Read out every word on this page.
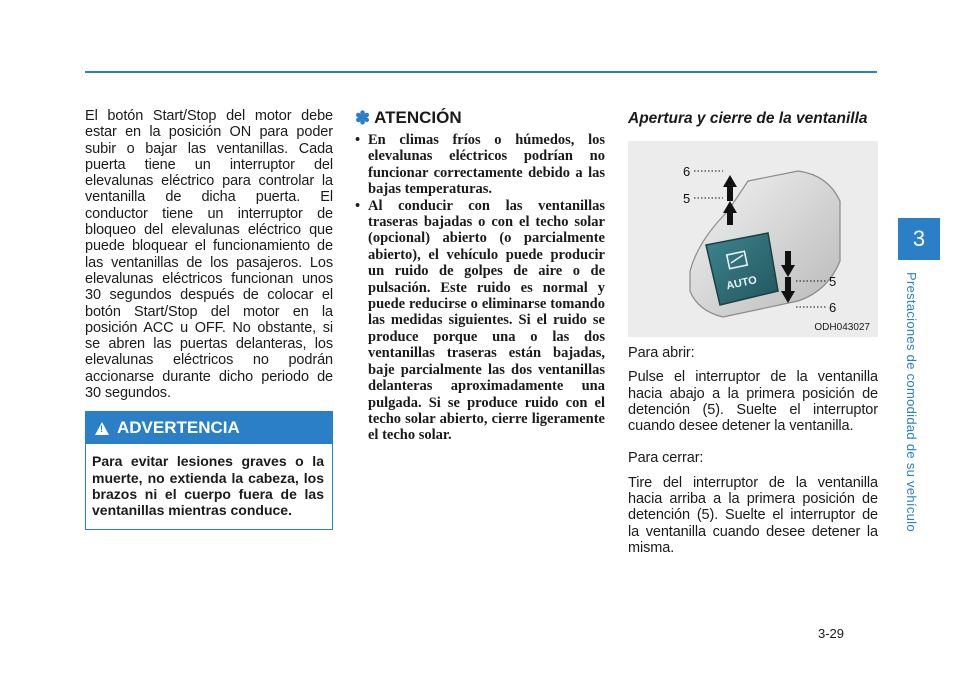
El botón Start/Stop del motor debe estar en la posición ON para poder subir o bajar las ventanillas. Cada puerta tiene un interruptor del elevalunas eléctrico para controlar la ventanilla de dicha puerta. El conductor tiene un interruptor de bloqueo del elevalunas eléctrico que puede bloquear el funcionamiento de las ventanillas de los pasajeros. Los elevalunas eléctricos funcionan unos 30 segundos después de colocar el botón Start/Stop del motor en la posición ACC u OFF. No obstante, si se abren las puertas delanteras, los elevalunas eléctricos no podrán accionarse durante dicho periodo de 30 segundos.

!
ADVERTENCIA
Para evitar lesiones graves o la muerte, no extienda la cabeza, los brazos ni el cuerpo fuera de las ventanillas mientras conduce.
✽ ATENCIÓN
• En climas fríos o húmedos, los elevalunas eléctricos podrían no funcionar correctamente debido a las bajas temperaturas.
• Al conducir con las ventanillas traseras bajadas o con el techo solar (opcional) abierto (o parcialmente abierto), el vehículo puede producir un ruido de golpes de aire o de pulsación. Este ruido es normal y puede reducirse o eliminarse tomando las medidas siguientes. Si el ruido se produce porque una o las dos ventanillas traseras están bajadas, baje parcialmente las dos ventanillas delanteras aproximadamente una pulgada. Si se produce ruido con el techo solar abierto, cierre ligeramente el techo solar.
Apertura y cierre de la ventanilla
AUTO
6
5
5
6
ODH043027

Para abrir:

Pulse el interruptor de la ventanilla hacia abajo a la primera posición de detención (5). Suelte el interruptor cuando desee detener la ventanilla.

Para cerrar:

Tire del interruptor de la ventanilla hacia arriba a la primera posición de detención (5). Suelte el interruptor de la ventanilla cuando desee detener la misma.

3
Prestaciones de comodidad de su vehículo
3-29
